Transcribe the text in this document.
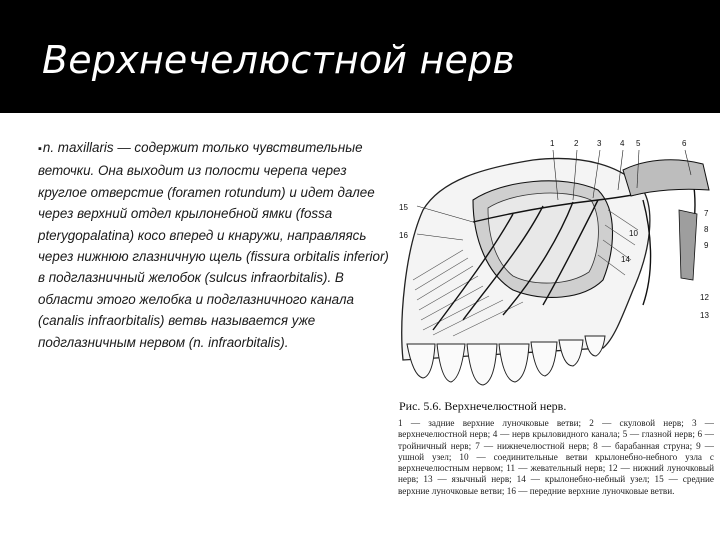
Верхнечелюстной нерв
▪n. maxillaris — содержит только чувствительные веточки. Она выходит из полости черепа через круглое отверстие (foramen rotundum) и идет далее через верхний отдел крылонебной ямки (fossa pterygopalatina) косо вперед и кнаружи, направляясь через нижнюю глазничную щель (fissura orbitalis inferior) в подглазничный желобок (sulcus infraorbitalis). В области этого желобка и подглазничного канала (canalis infraorbitalis) ветвь называется уже подглазничным нервом (n. infraorbitalis).
1 2 3 4 5	6
7
8
9
10
12
13
14
15
16
Рис. 5.6. Верхнечелюстной нерв.
1 — задние верхние луночковые ветви; 2 — скуловой нерв; 3 — верхнечелюстной нерв; 4 — нерв крыловидного канала; 5 — глазной нерв; 6 — тройничный нерв; 7 — нижнечелюстной нерв; 8 — барабанная струна; 9 — ушной узел; 10 — соединительные ветви крылонебно-небного узла с верхнечелюстным нервом; 11 — жевательный нерв; 12 — нижний луночковый нерв; 13 — язычный нерв; 14 — крылонебно-небный узел; 15 — средние верхние луночковые ветви; 16 — передние верхние луночковые ветви.
